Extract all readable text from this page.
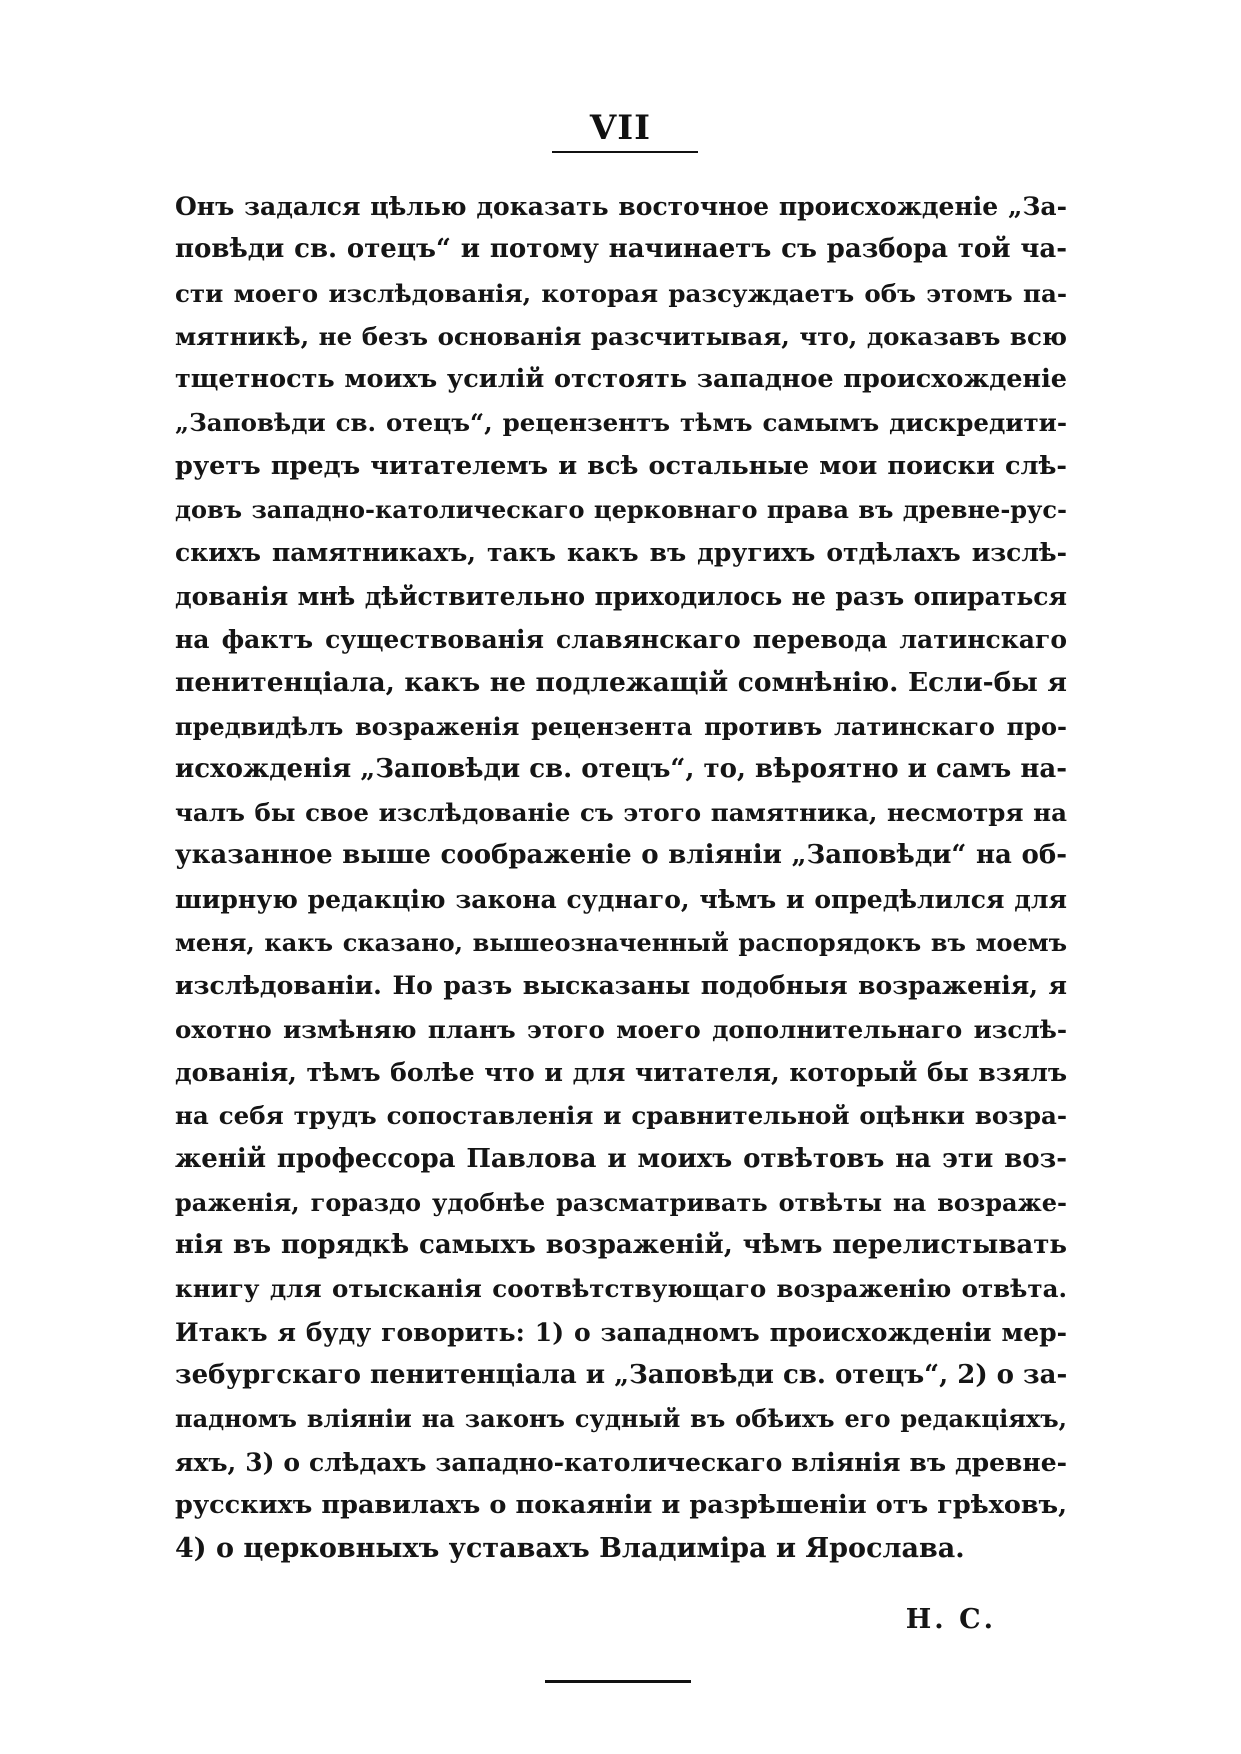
VII
Онъ задался цѣлью доказать восточное происхожденіе „За-
повѣди св. отецъ“ и потому начинаетъ съ разбора той ча-
сти моего изслѣдованія, которая разсуждаетъ объ этомъ па-
мятникѣ, не безъ основанія разсчитывая, что, доказавъ всю
тщетность моихъ усилій отстоять западное происхожденіе
„Заповѣди св. отецъ“, рецензентъ тѣмъ самымъ дискредити-
руетъ предъ читателемъ и всѣ остальные мои поиски слѣ-
довъ западно-католическаго церковнаго права въ древне-рус-
скихъ памятникахъ, такъ какъ въ другихъ отдѣлахъ изслѣ-
дованія мнѣ дѣйствительно приходилось не разъ опираться
на фактъ существованія славянскаго перевода латинскаго
пенитенціала, какъ не подлежащій сомнѣнію. Если-бы я
предвидѣлъ возраженія рецензента противъ латинскаго про-
исхожденія „Заповѣди св. отецъ“, то, вѣроятно и самъ на-
чалъ бы свое изслѣдованіе съ этого памятника, несмотря на
указанное выше соображеніе о вліяніи „Заповѣди“ на об-
ширную редакцію закона суднаго, чѣмъ и опредѣлился для
меня, какъ сказано, вышеозначенный распорядокъ въ моемъ
изслѣдованіи. Но разъ высказаны подобныя возраженія, я
охотно измѣняю планъ этого моего дополнительнаго изслѣ-
дованія, тѣмъ болѣе что и для читателя, который бы взялъ
на себя трудъ сопоставленія и сравнительной оцѣнки возра-
женій профессора Павлова и моихъ отвѣтовъ на эти воз-
раженія, гораздо удобнѣе разсматривать отвѣты на возраже-
нія въ порядкѣ самыхъ возраженій, чѣмъ перелистывать
книгу для отысканія соотвѣтствующаго возраженію отвѣта.
Итакъ я буду говорить: 1) о западномъ происхожденіи мер-
зебургскаго пенитенціала и „Заповѣди св. отецъ“, 2) о за-
падномъ вліяніи на законъ судный въ обѣихъ его редакціяхъ,
яхъ, 3) о слѣдахъ западно-католическаго вліянія въ древне-
русскихъ правилахъ о покаяніи и разрѣшеніи отъ грѣховъ,
4) о церковныхъ уставахъ Владиміра и Ярослава.
Н. С.
